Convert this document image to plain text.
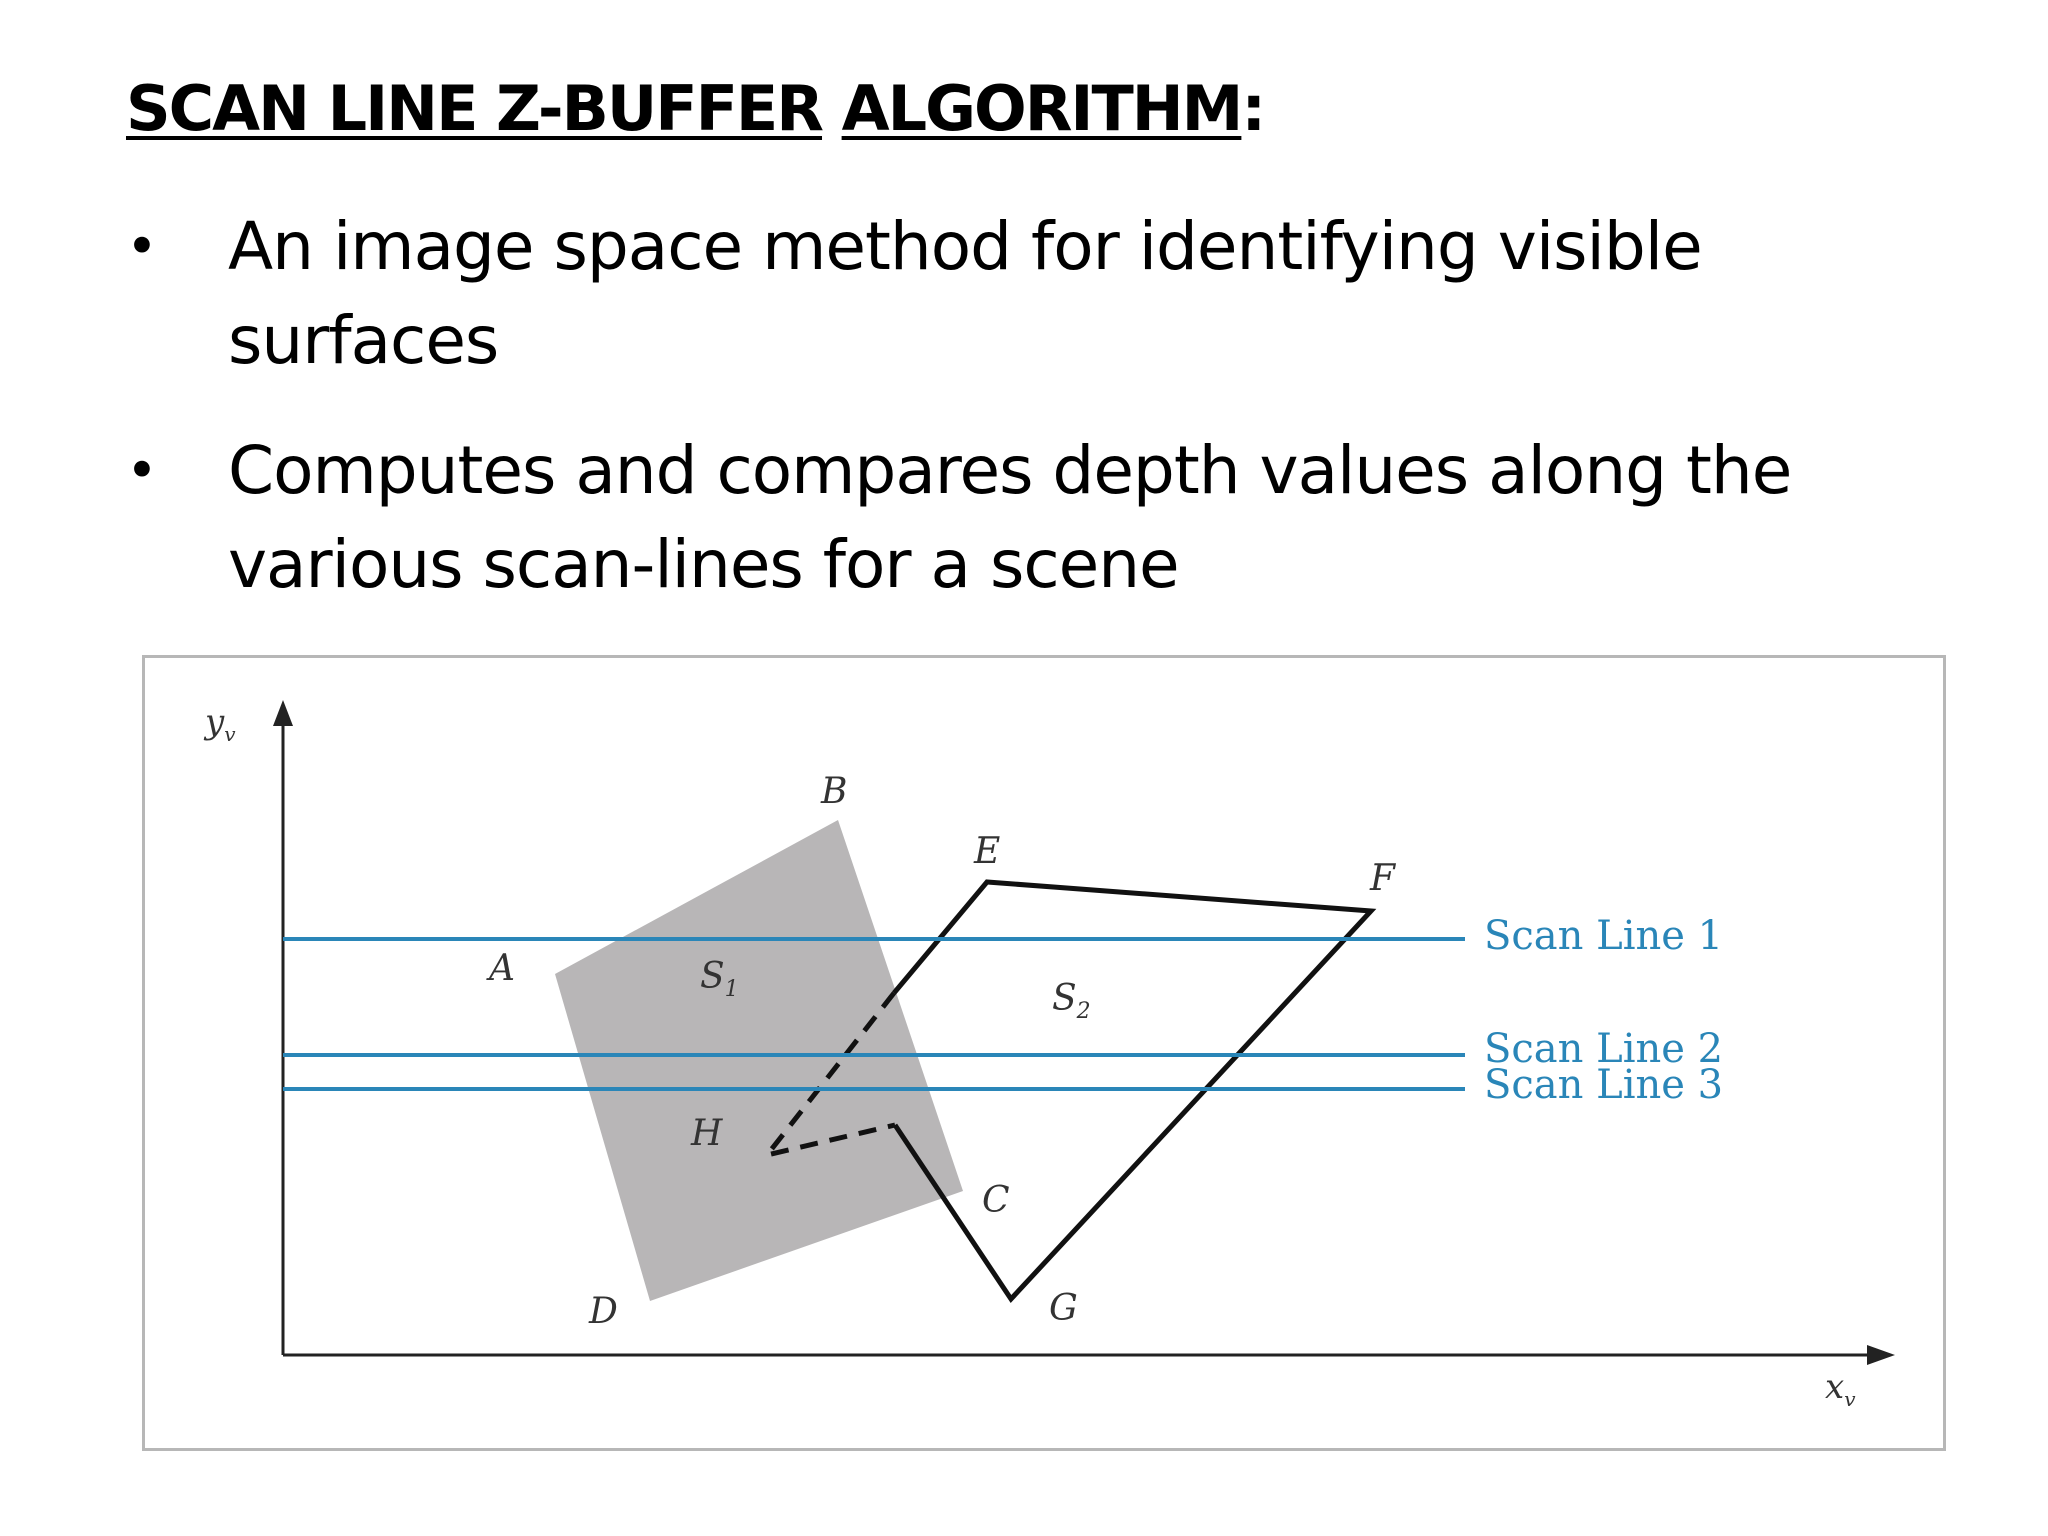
SCAN LINE Z-BUFFER ALGORITHM:
• An image space method for identifying visible
surfaces
• Computes and compares depth values along the
various scan-lines for a scene
Scan Line 1
Scan Line 2
Scan Line 3
A
B
C
D
E
F
G
H
$S_1$	$S_2$
$y_v$
$x_v$
